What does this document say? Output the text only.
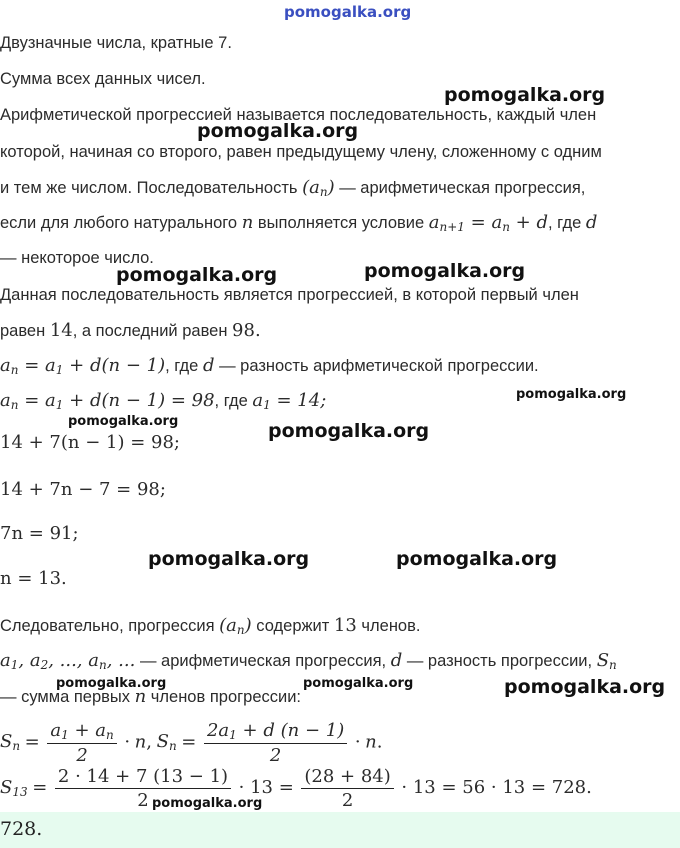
pomogalka.org
Двузначные числа, кратные 7.
Сумма всех данных чисел.
Арифметической прогрессией называется последовательность, каждый член
которой, начиная со второго, равен предыдущему члену, сложенному с одним
и тем же числом. Последовательность $(a_n)$ — арифметическая прогрессия,
если для любого натурального n выполняется условие $a_{n+1} = a_n + d$, где d
— некоторое число.
Данная последовательность является прогрессией, в которой первый член
равен 14, а последний равен 98.
$a_n = a_1 + d(n - 1)$, где d — разность арифметической прогрессии.
$a_n = a_1 + d(n - 1) = 98$, где $a_1 = 14$;
14 + 7(n − 1) = 98;
14 + 7n − 7 = 98;
7n = 91;
n = 13.
Следовательно, прогрессия $(a_n)$ содержит 13 членов.
$a_1$, $a_2$, ..., $a_n$, ... — арифметическая прогрессия, d — разность прогрессии, $S_n$
— сумма первых n членов прогрессии:
$S_n = \frac{a_1 + a_n}{2} \cdot n$, $S_n = \frac{2a_1 + d (n - 1)}{2} \cdot n$.
$S_{13} = \frac{2 \cdot 14 + 7 (13 - 1)}{2} \cdot 13 = \frac{(28 + 84)}{2} \cdot 13 = 56 \cdot 13 = 728$.
728.
pomogalka.org
pomogalka.org
pomogalka.org	pomogalka.org
pomogalka.org
pomogalka.org	pomogalka.org
pomogalka.org	pomogalka.org
pomogalka.org	pomogalka.org	pomogalka.org
pomogalka.org
